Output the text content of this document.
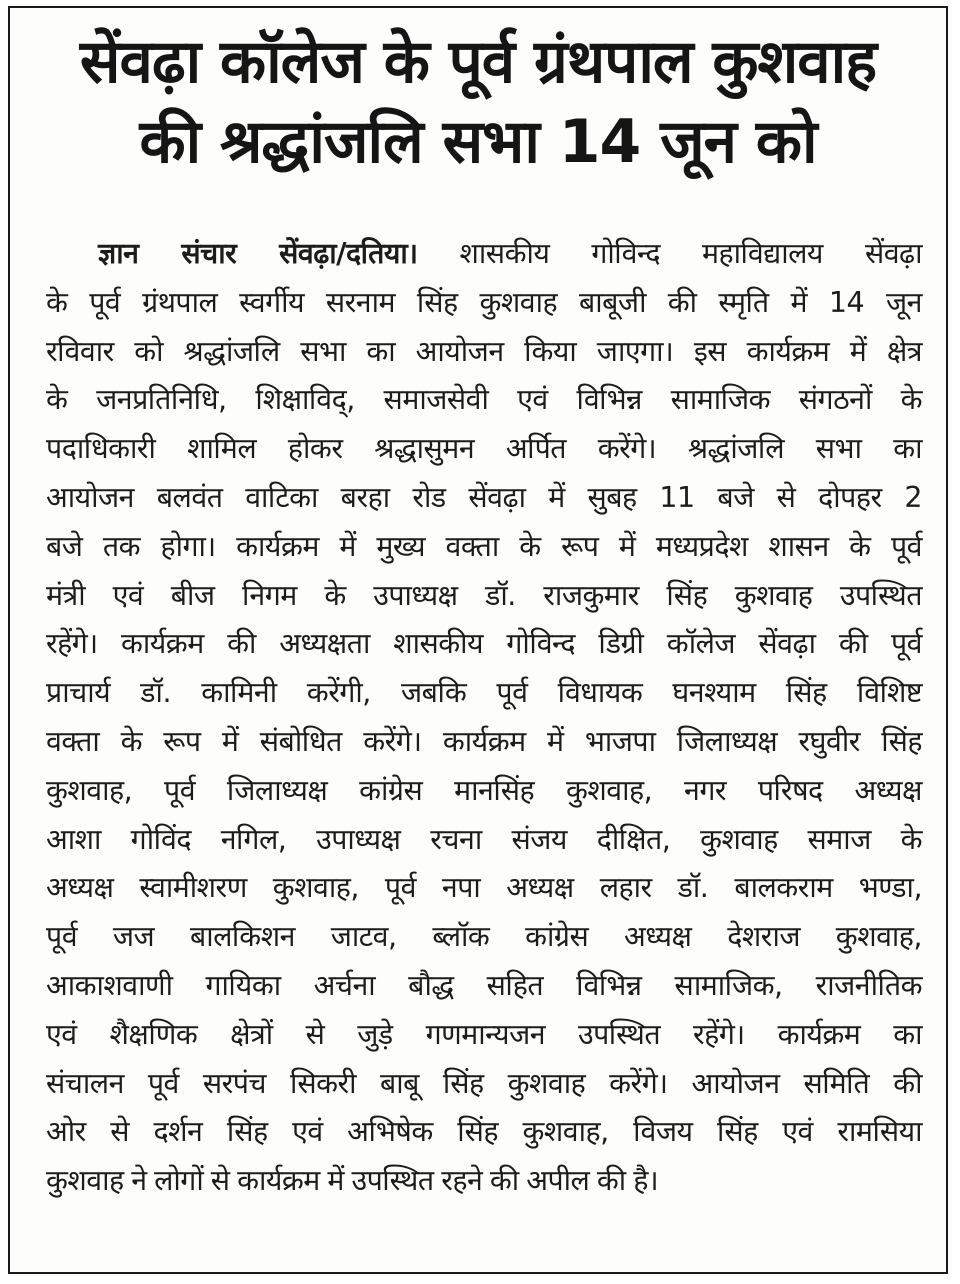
सेंवढ़ा कॉलेज के पूर्व ग्रंथपाल कुशवाह
की श्रद्धांजलि सभा 14 जून को
ज्ञान संचार सेंवढ़ा/दतिया। शासकीय गोविन्द महाविद्यालय सेंवढ़ा
के पूर्व ग्रंथपाल स्वर्गीय सरनाम सिंह कुशवाह बाबूजी की स्मृति में 14 जून
रविवार को श्रद्धांजलि सभा का आयोजन किया जाएगा। इस कार्यक्रम में क्षेत्र
के जनप्रतिनिधि, शिक्षाविद्, समाजसेवी एवं विभिन्न सामाजिक संगठनों के
पदाधिकारी शामिल होकर श्रद्धासुमन अर्पित करेंगे। श्रद्धांजलि सभा का
आयोजन बलवंत वाटिका बरहा रोड सेंवढ़ा में सुबह 11 बजे से दोपहर 2
बजे तक होगा। कार्यक्रम में मुख्य वक्ता के रूप में मध्यप्रदेश शासन के पूर्व
मंत्री एवं बीज निगम के उपाध्यक्ष डॉ. राजकुमार सिंह कुशवाह उपस्थित
रहेंगे। कार्यक्रम की अध्यक्षता शासकीय गोविन्द डिग्री कॉलेज सेंवढ़ा की पूर्व
प्राचार्य डॉ. कामिनी करेंगी, जबकि पूर्व विधायक घनश्याम सिंह विशिष्ट
वक्ता के रूप में संबोधित करेंगे। कार्यक्रम में भाजपा जिलाध्यक्ष रघुवीर सिंह
कुशवाह, पूर्व जिलाध्यक्ष कांग्रेस मानसिंह कुशवाह, नगर परिषद अध्यक्ष
आशा गोविंद नगिल, उपाध्यक्ष रचना संजय दीक्षित, कुशवाह समाज के
अध्यक्ष स्वामीशरण कुशवाह, पूर्व नपा अध्यक्ष लहार डॉ. बालकराम भण्डा,
पूर्व जज बालकिशन जाटव, ब्लॉक कांग्रेस अध्यक्ष देशराज कुशवाह,
आकाशवाणी गायिका अर्चना बौद्ध सहित विभिन्न सामाजिक, राजनीतिक
एवं शैक्षणिक क्षेत्रों से जुड़े गणमान्यजन उपस्थित रहेंगे। कार्यक्रम का
संचालन पूर्व सरपंच सिकरी बाबू सिंह कुशवाह करेंगे। आयोजन समिति की
ओर से दर्शन सिंह एवं अभिषेक सिंह कुशवाह, विजय सिंह एवं रामसिया
कुशवाह ने लोगों से कार्यक्रम में उपस्थित रहने की अपील की है।
